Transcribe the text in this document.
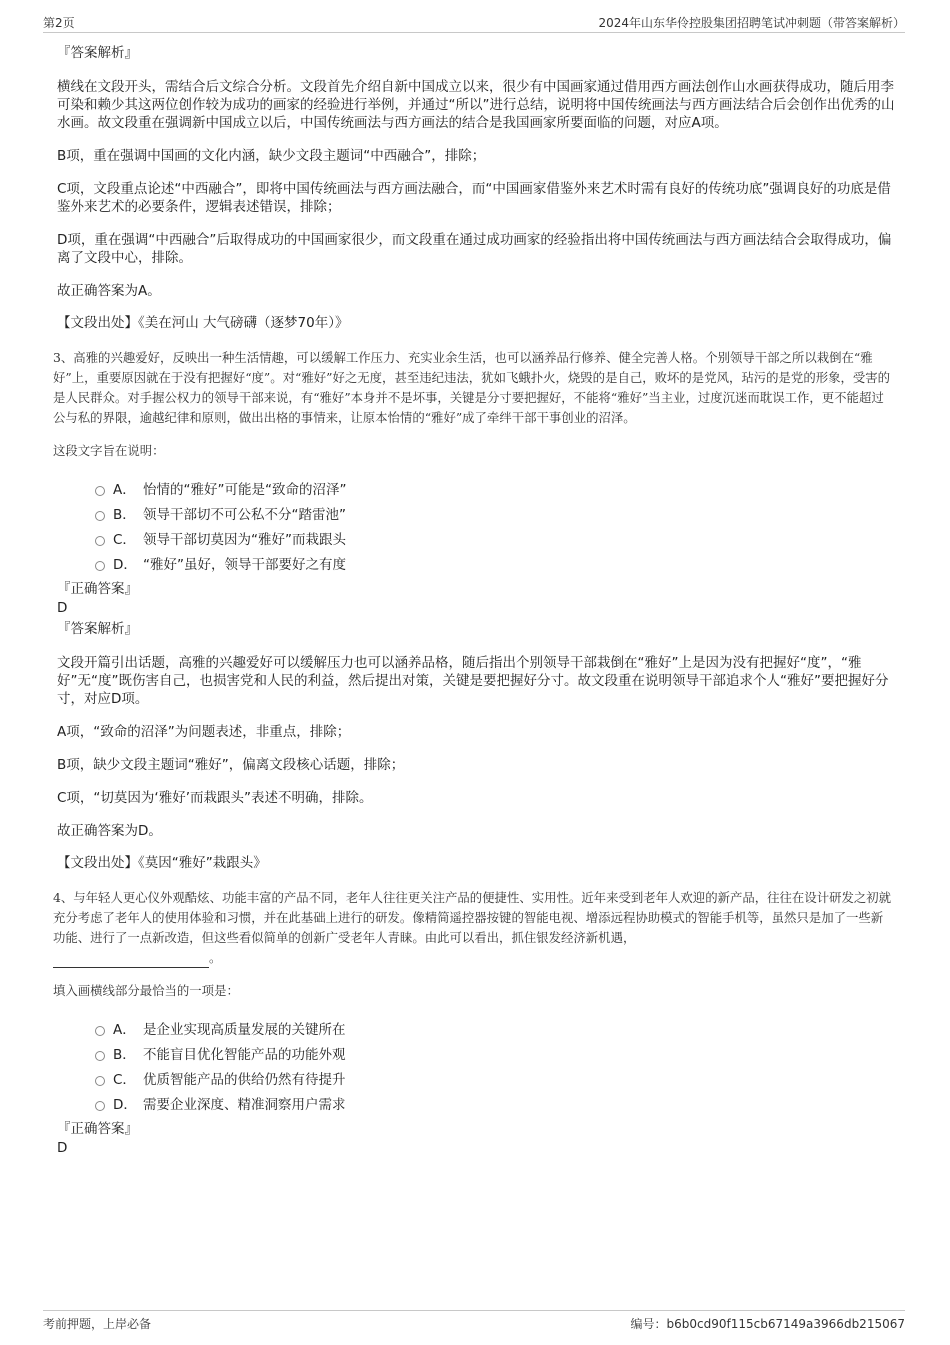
第2页	2024年山东华伶控股集团招聘笔试冲刺题（带答案解析）
『答案解析』
横线在文段开头，需结合后文综合分析。文段首先介绍自新中国成立以来，很少有中国画家通过借用西方画法创作山水画获得成功，随后用李可染和赖少其这两位创作较为成功的画家的经验进行举例，并通过“所以”进行总结，说明将中国传统画法与西方画法结合后会创作出优秀的山水画。故文段重在强调新中国成立以后，中国传统画法与西方画法的结合是我国画家所要面临的问题，对应A项。
B项，重在强调中国画的文化内涵，缺少文段主题词“中西融合”，排除；
C项，文段重点论述“中西融合”，即将中国传统画法与西方画法融合，而“中国画家借鉴外来艺术时需有良好的传统功底”强调良好的功底是借鉴外来艺术的必要条件，逻辑表述错误，排除；
D项，重在强调“中西融合”后取得成功的中国画家很少，而文段重在通过成功画家的经验指出将中国传统画法与西方画法结合会取得成功，偏离了文段中心，排除。
故正确答案为A。
【文段出处】《美在河山 大气磅礴（逐梦70年）》
3、高雅的兴趣爱好，反映出一种生活情趣，可以缓解工作压力、充实业余生活，也可以涵养品行修养、健全完善人格。个别领导干部之所以栽倒在“雅好”上，重要原因就在于没有把握好“度”。对“雅好”好之无度，甚至违纪违法，犹如飞蛾扑火，烧毁的是自己，败坏的是党风，玷污的是党的形象，受害的是人民群众。对手握公权力的领导干部来说，有“雅好”本身并不是坏事，关键是分寸要把握好，不能将“雅好”当主业，过度沉迷而耽误工作，更不能超过公与私的界限，逾越纪律和原则，做出出格的事情来，让原本怡情的“雅好”成了牵绊干部干事创业的沼泽。
这段文字旨在说明：
A． 怡情的“雅好”可能是“致命的沼泽”
B． 领导干部切不可公私不分“踏雷池”
C． 领导干部切莫因为“雅好”而栽跟头
D． “雅好”虽好，领导干部要好之有度
『正确答案』
D
『答案解析』
文段开篇引出话题，高雅的兴趣爱好可以缓解压力也可以涵养品格，随后指出个别领导干部栽倒在“雅好”上是因为没有把握好“度”，“雅好”无“度”既伤害自己，也损害党和人民的利益，然后提出对策，关键是要把握好分寸。故文段重在说明领导干部追求个人“雅好”要把握好分寸，对应D项。
A项，“致命的沼泽”为问题表述，非重点，排除；
B项，缺少文段主题词“雅好”，偏离文段核心话题，排除；
C项，“切莫因为‘雅好’而栽跟头”表述不明确，排除。
故正确答案为D。
【文段出处】《莫因“雅好”栽跟头》
4、与年轻人更心仪外观酷炫、功能丰富的产品不同，老年人往往更关注产品的便捷性、实用性。近年来受到老年人欢迎的新产品，往往在设计研发之初就充分考虑了老年人的使用体验和习惯，并在此基础上进行的研发。像精简遥控器按键的智能电视、增添远程协助模式的智能手机等，虽然只是加了一些新功能、进行了一点新改造，但这些看似简单的创新广受老年人青睐。由此可以看出，抓住银发经济新机遇，
。
填入画横线部分最恰当的一项是：
A． 是企业实现高质量发展的关键所在
B． 不能盲目优化智能产品的功能外观
C． 优质智能产品的供给仍然有待提升
D． 需要企业深度、精准洞察用户需求
『正确答案』
D
考前押题，上岸必备	编号：b6b0cd90f115cb67149a3966db215067
